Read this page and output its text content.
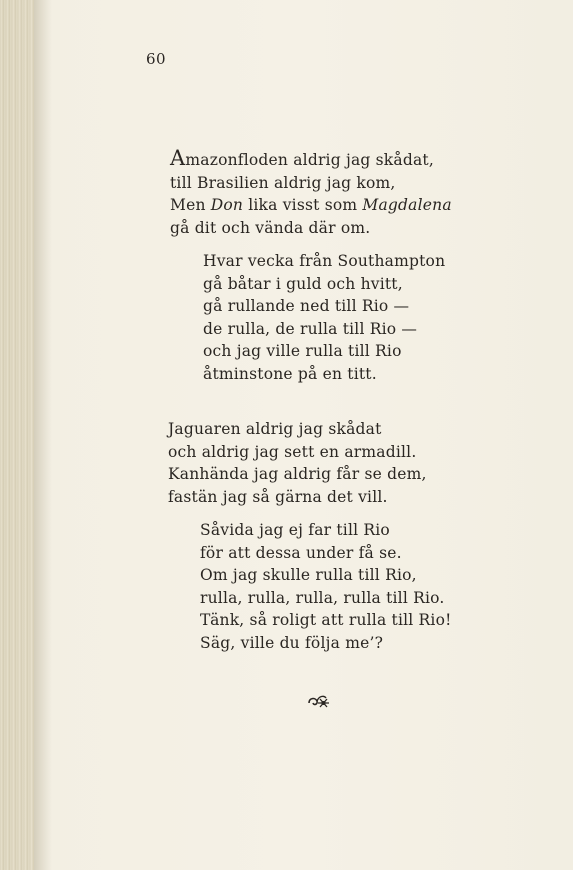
60
Amazonfloden aldrig jag skådat,
till Brasilien aldrig jag kom,
Men Don lika visst som Magdalena
gå dit och vända där om.
Hvar vecka från Southampton
gå båtar i guld och hvitt,
gå rullande ned till Rio —
de rulla, de rulla till Rio —
och jag ville rulla till Rio
åtminstone på en titt.
Jaguaren aldrig jag skådat
och aldrig jag sett en armadill.
Kanhända jag aldrig får se dem,
fastän jag så gärna det vill.
Såvida jag ej far till Rio
för att dessa under få se.
Om jag skulle rulla till Rio,
rulla, rulla, rulla, rulla till Rio.
Tänk, så roligt att rulla till Rio!
Säg, ville du följa me’?
